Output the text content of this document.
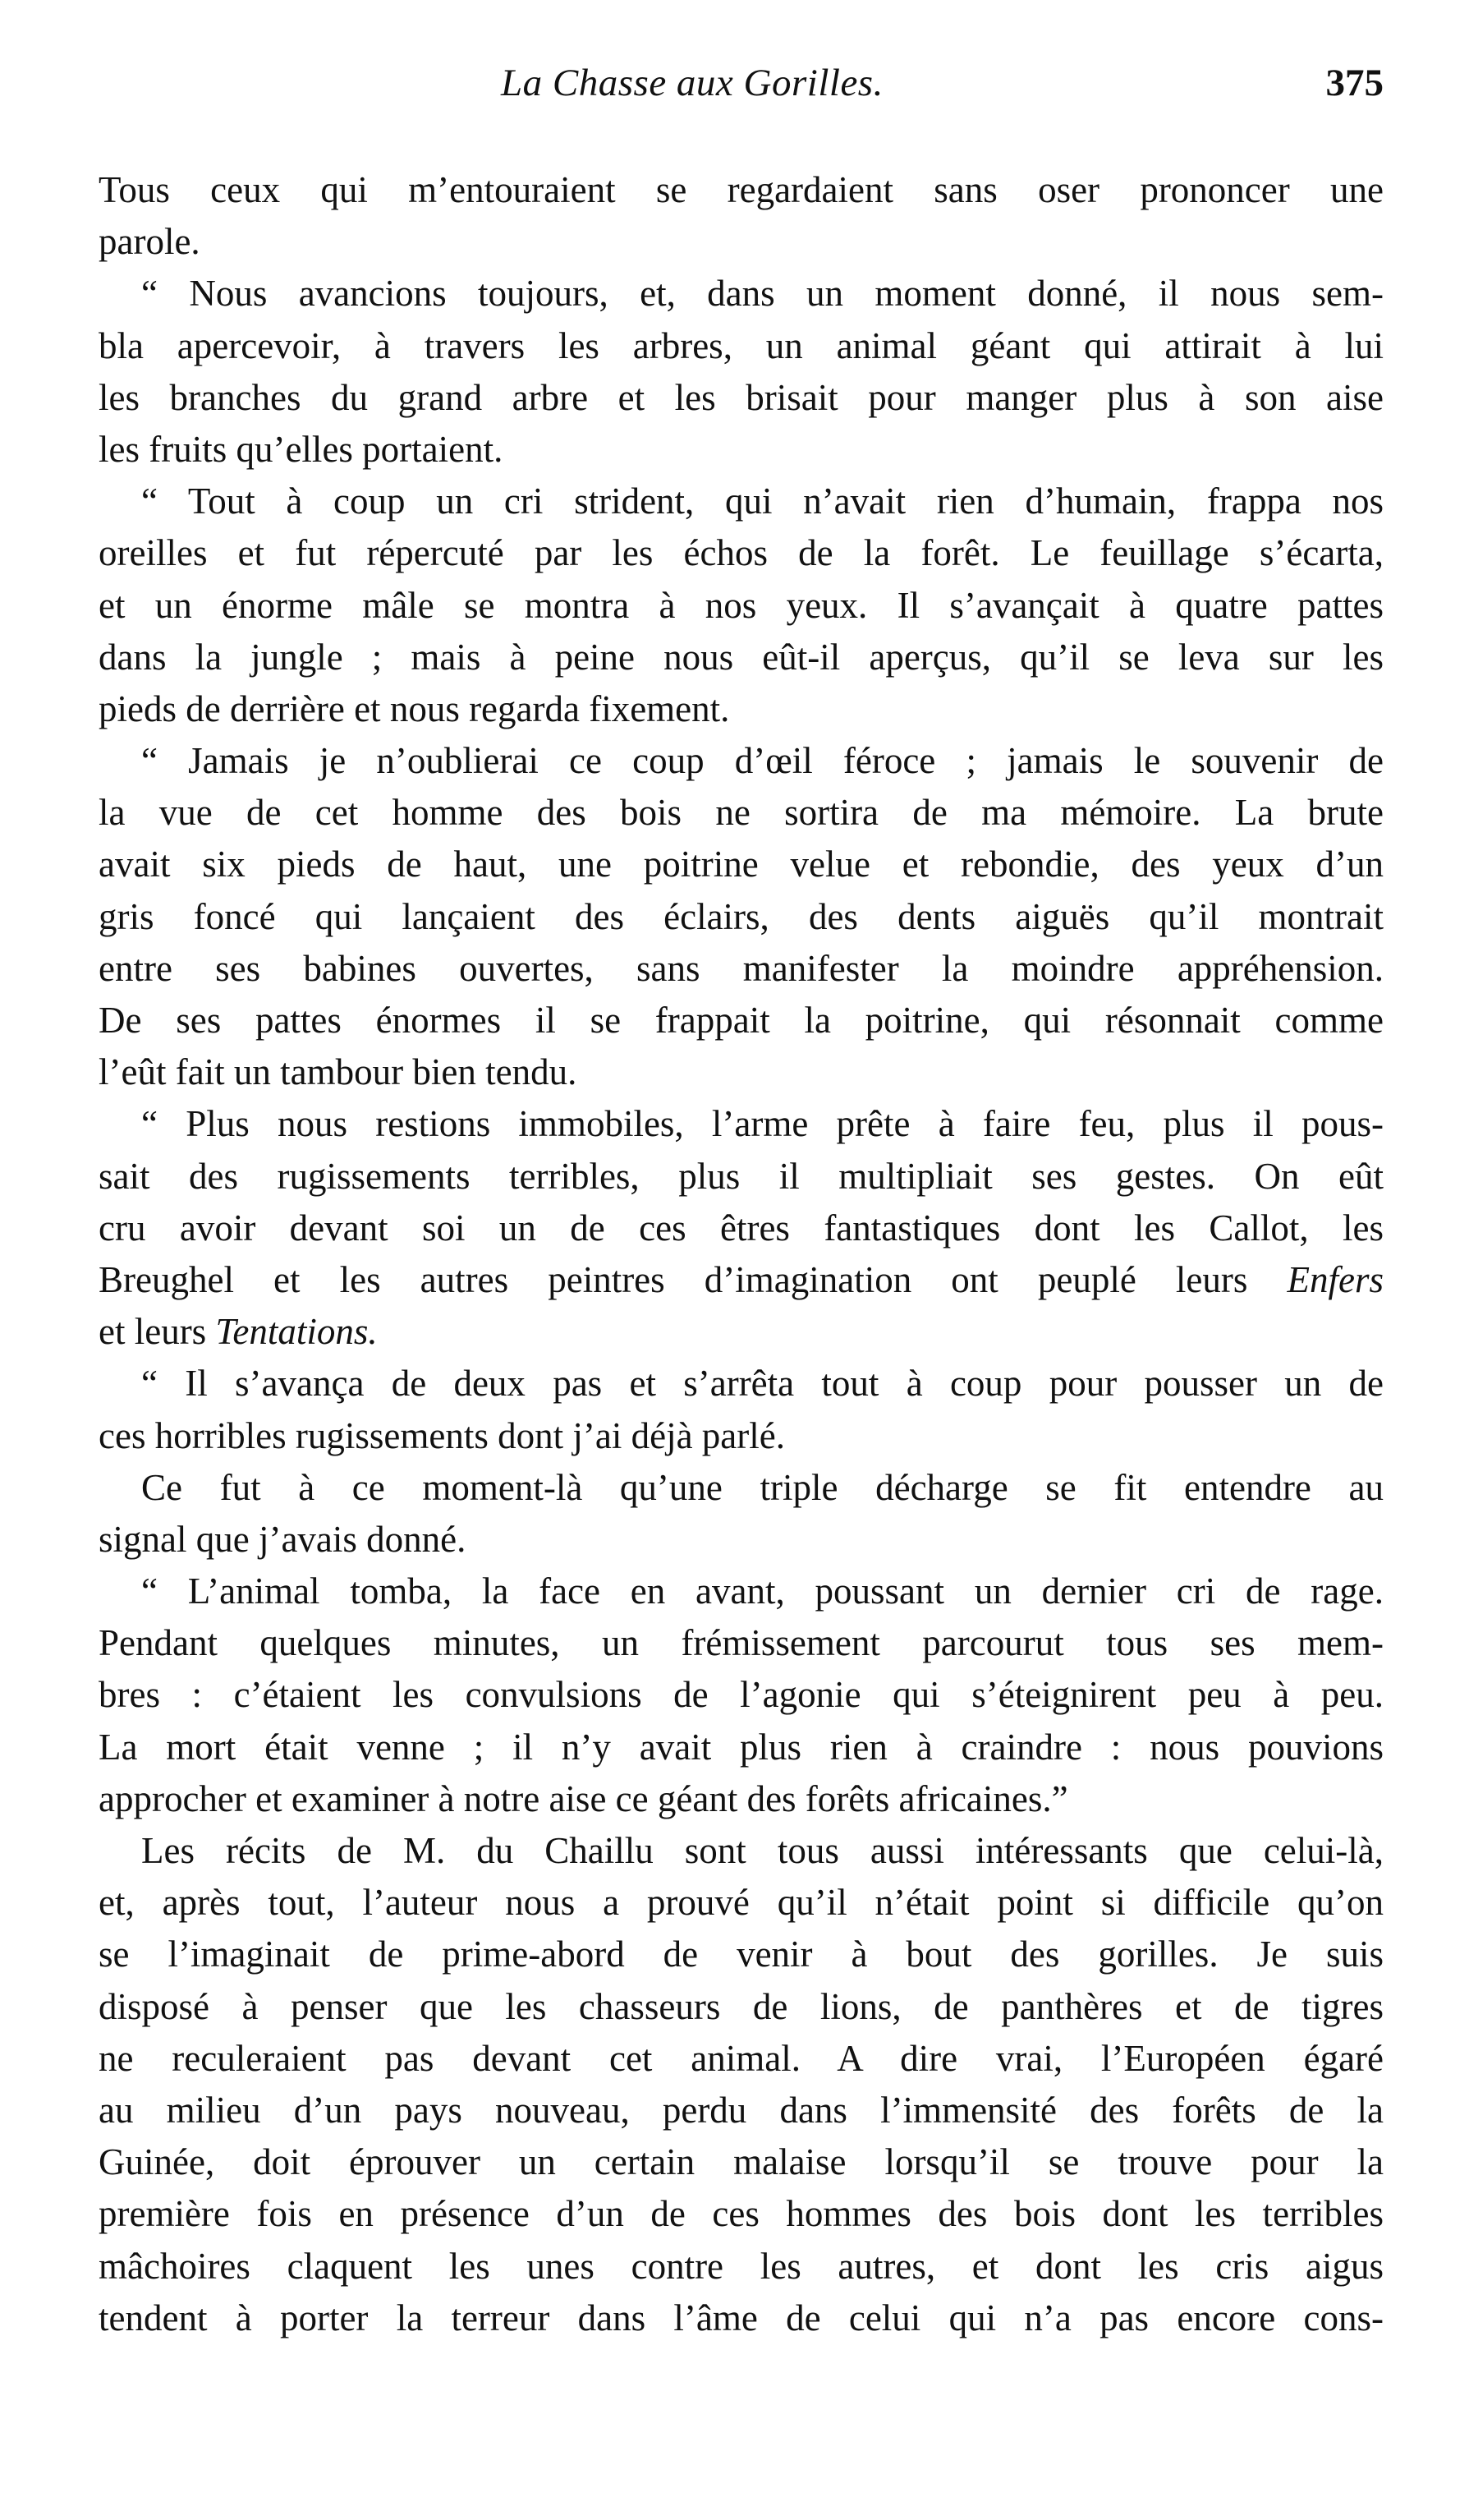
La Chasse aux Gorilles.	375
Tous ceux qui m’entouraient se regardaient sans oser prononcer une
parole.
“ Nous avancions toujours, et, dans un moment donné, il nous sem-
bla apercevoir, à travers les arbres, un animal géant qui attirait à lui
les branches du grand arbre et les brisait pour manger plus à son aise
les fruits qu’elles portaient.
“ Tout à coup un cri strident, qui n’avait rien d’humain, frappa nos
oreilles et fut répercuté par les échos de la forêt. Le feuillage s’écarta,
et un énorme mâle se montra à nos yeux. Il s’avançait à quatre pattes
dans la jungle ; mais à peine nous eût-il aperçus, qu’il se leva sur les
pieds de derrière et nous regarda fixement.
“ Jamais je n’oublierai ce coup d’œil féroce ; jamais le souvenir de
la vue de cet homme des bois ne sortira de ma mémoire. La brute
avait six pieds de haut, une poitrine velue et rebondie, des yeux d’un
gris foncé qui lançaient des éclairs, des dents aiguës qu’il montrait
entre ses babines ouvertes, sans manifester la moindre appréhension.
De ses pattes énormes il se frappait la poitrine, qui résonnait comme
l’eût fait un tambour bien tendu.
“ Plus nous restions immobiles, l’arme prête à faire feu, plus il pous-
sait des rugissements terribles, plus il multipliait ses gestes. On eût
cru avoir devant soi un de ces êtres fantastiques dont les Callot, les
Breughel et les autres peintres d’imagination ont peuplé leurs Enfers
et leurs Tentations.
“ Il s’avança de deux pas et s’arrêta tout à coup pour pousser un de
ces horribles rugissements dont j’ai déjà parlé.
Ce fut à ce moment-là qu’une triple décharge se fit entendre au
signal que j’avais donné.
“ L’animal tomba, la face en avant, poussant un dernier cri de rage.
Pendant quelques minutes, un frémissement parcourut tous ses mem-
bres : c’étaient les convulsions de l’agonie qui s’éteignirent peu à peu.
La mort était venne ; il n’y avait plus rien à craindre : nous pouvions
approcher et examiner à notre aise ce géant des forêts africaines.”
Les récits de M. du Chaillu sont tous aussi intéressants que celui-là,
et, après tout, l’auteur nous a prouvé qu’il n’était point si difficile qu’on
se l’imaginait de prime-abord de venir à bout des gorilles. Je suis
disposé à penser que les chasseurs de lions, de panthères et de tigres
ne reculeraient pas devant cet animal. A dire vrai, l’Européen égaré
au milieu d’un pays nouveau, perdu dans l’immensité des forêts de la
Guinée, doit éprouver un certain malaise lorsqu’il se trouve pour la
première fois en présence d’un de ces hommes des bois dont les terribles
mâchoires claquent les unes contre les autres, et dont les cris aigus
tendent à porter la terreur dans l’âme de celui qui n’a pas encore cons-
